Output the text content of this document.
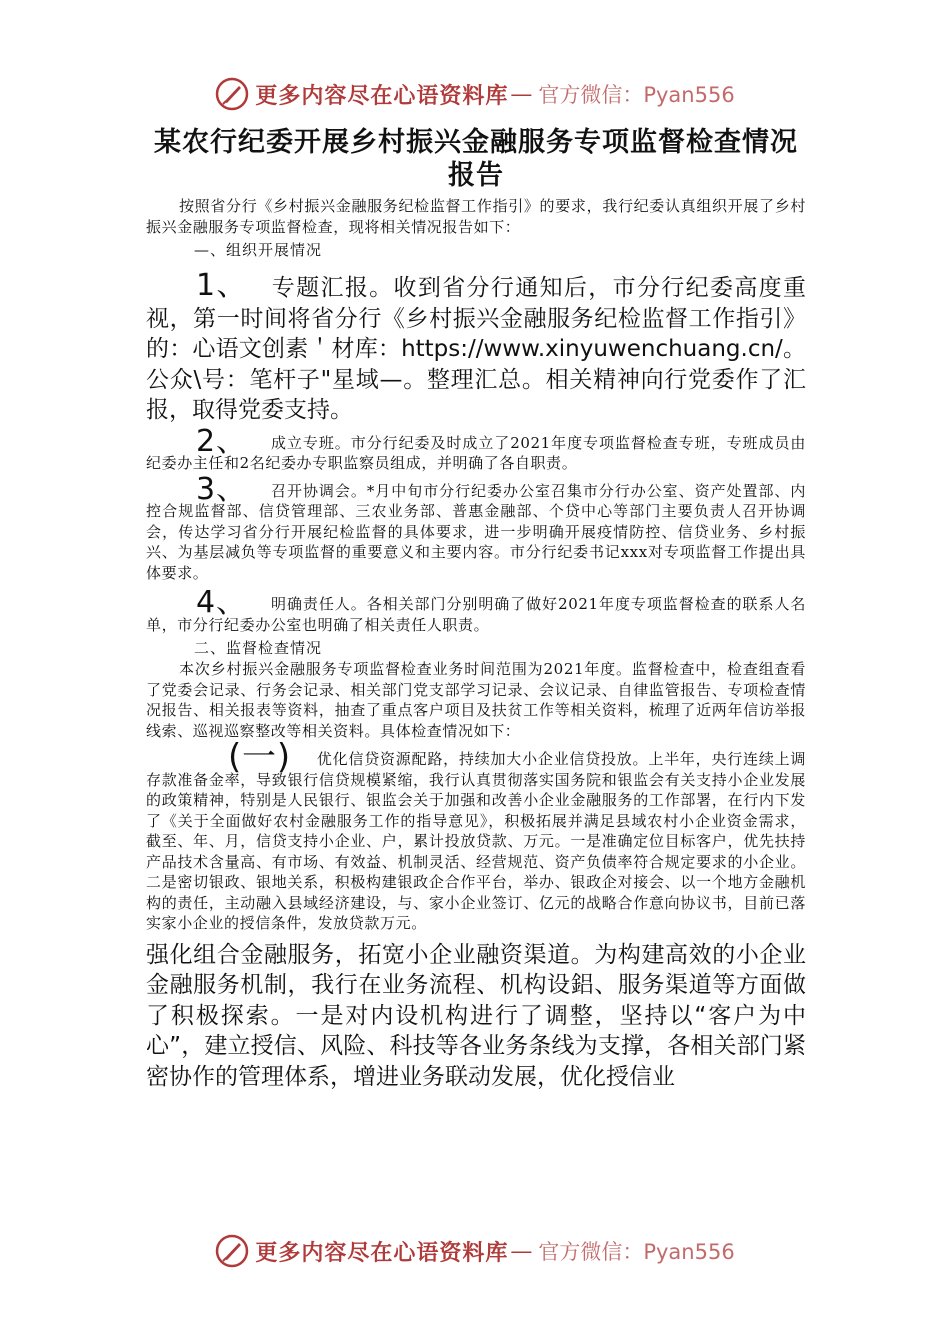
更多内容尽在心语资料库 — 官方微信：Pyan556
某农行纪委开展乡村振兴金融服务专项监督检查情况报告

按照省分行《乡村振兴金融服务纪检监督工作指引》的要求，我行纪委认真组织开展了乡村振兴金融服务专项监督检查，现将相关情况报告如下：

—、组织开展情况

1、 专题汇报。收到省分行通知后，市分行纪委高度重视，第一时间将省分行《乡村振兴金融服务纪检监督工作指引》的：心语文创素＇材库：https://www.xinyuwenchuang.cn/。公众\号：笔杆子"星域—。整理汇总。相关精神向行党委作了汇报，取得党委支持。

2、 成立专班。市分行纪委及时成立了2021年度专项监督检查专班，专班成员由纪委办主任和2名纪委办专职监察员组成，并明确了各自职责。

3、 召开协调会。*月中旬市分行纪委办公室召集市分行办公室、资产处置部、内控合规监督部、信贷管理部、三农业务部、普惠金融部、个贷中心等部门主要负责人召开协调会，传达学习省分行开展纪检监督的具体要求，进一步明确开展疫情防控、信贷业务、乡村振兴、为基层减负等专项监督的重要意义和主要内容。市分行纪委书记xxx对专项监督工作提出具体要求。

4、 明确责任人。各相关部门分别明确了做好2021年度专项监督检查的联系人名单，市分行纪委办公室也明确了相关责任人职责。

二、监督检查情况

本次乡村振兴金融服务专项监督检查业务时间范围为2021年度。监督检查中，检查组查看了党委会记录、行务会记录、相关部门党支部学习记录、会议记录、自律监管报告、专项检查情况报告、相关报表等资料，抽查了重点客户项目及扶贫工作等相关资料，梳理了近两年信访举报线索、巡视巡察整改等相关资料。具体检查情况如下：

(一) 优化信贷资源配路，持续加大小企业信贷投放。上半年，央行连续上调存款准备金率，导致银行信贷规模紧缩，我行认真贯彻落实国务院和银监会有关支持小企业发展的政策精神，特别是人民银行、银监会关于加强和改善小企业金融服务的工作部署，在行内下发了《关于全面做好农村金融服务工作的指导意见》，积极拓展并满足县域农村小企业资金需求，截至、年、月，信贷支持小企业、户，累计投放贷款、万元。一是准确定位目标客户，优先扶持产品技术含量高、有市场、有效益、机制灵活、经营规范、资产负债率符合规定要求的小企业。二是密切银政、银地关系，积极构建银政企合作平台，举办、银政企对接会、以一个地方金融机构的责任，主动融入县域经济建设，与、家小企业签订、亿元的战略合作意向协议书，目前已落实家小企业的授信条件，发放贷款万元。

强化组合金融服务，拓宽小企业融资渠道。为构建高效的小企业金融服务机制，我行在业务流程、机构设鋁、服务渠道等方面做了积极探索。一是对内设机构进行了调整，坚持以“客户为中心”，建立授信、风险、科技等各业务条线为支撑，各相关部门紧密协作的管理体系，增进业务联动发展，优化授信业

更多内容尽在心语资料库 — 官方微信：Pyan556
